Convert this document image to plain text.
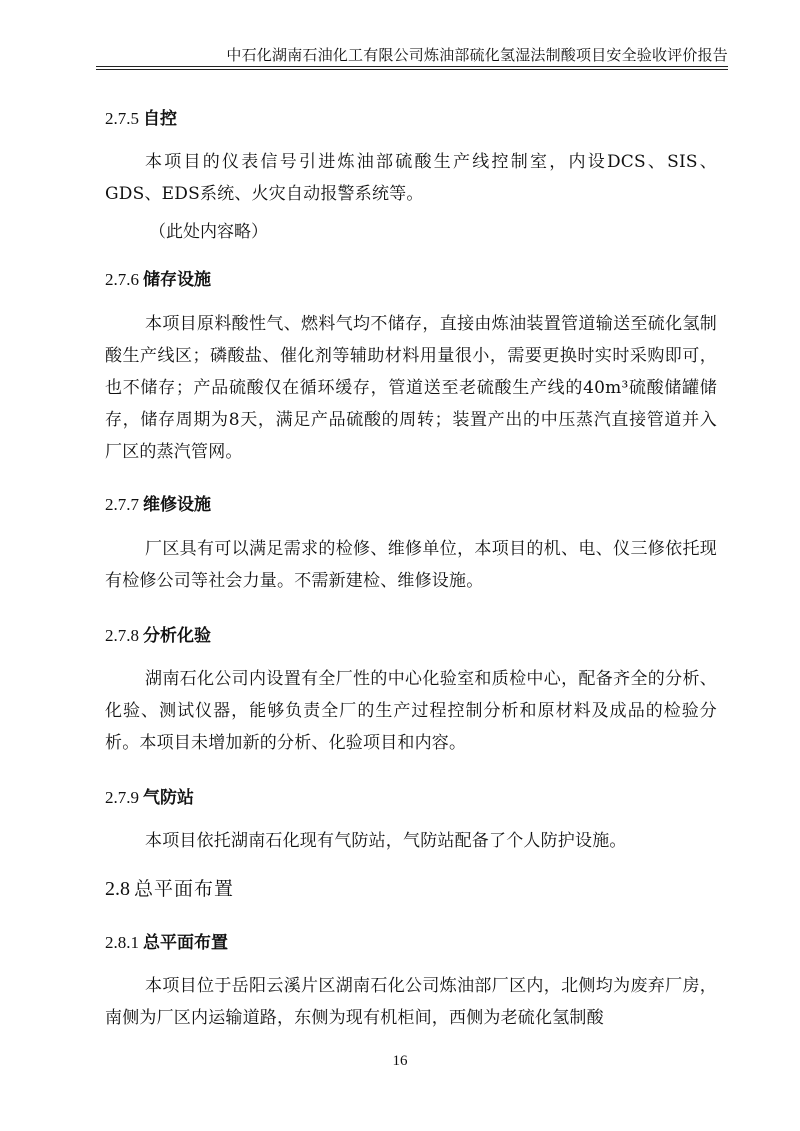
中石化湖南石油化工有限公司炼油部硫化氢湿法制酸项目安全验收评价报告
2.7.5 自控
本项目的仪表信号引进炼油部硫酸生产线控制室，内设DCS、SIS、GDS、EDS系统、火灾自动报警系统等。
（此处内容略）
2.7.6 储存设施
本项目原料酸性气、燃料气均不储存，直接由炼油装置管道输送至硫化氢制酸生产线区；磷酸盐、催化剂等辅助材料用量很小，需要更换时实时采购即可，也不储存；产品硫酸仅在循环缓存，管道送至老硫酸生产线的40m³硫酸储罐储存，储存周期为8天，满足产品硫酸的周转；装置产出的中压蒸汽直接管道并入厂区的蒸汽管网。
2.7.7 维修设施
厂区具有可以满足需求的检修、维修单位，本项目的机、电、仪三修依托现有检修公司等社会力量。不需新建检、维修设施。
2.7.8 分析化验
湖南石化公司内设置有全厂性的中心化验室和质检中心，配备齐全的分析、化验、测试仪器，能够负责全厂的生产过程控制分析和原材料及成品的检验分析。本项目未增加新的分析、化验项目和内容。
2.7.9 气防站
本项目依托湖南石化现有气防站，气防站配备了个人防护设施。
2.8 总平面布置
2.8.1 总平面布置
本项目位于岳阳云溪片区湖南石化公司炼油部厂区内，北侧均为废弃厂房，南侧为厂区内运输道路，东侧为现有机柜间，西侧为老硫化氢制酸
16
